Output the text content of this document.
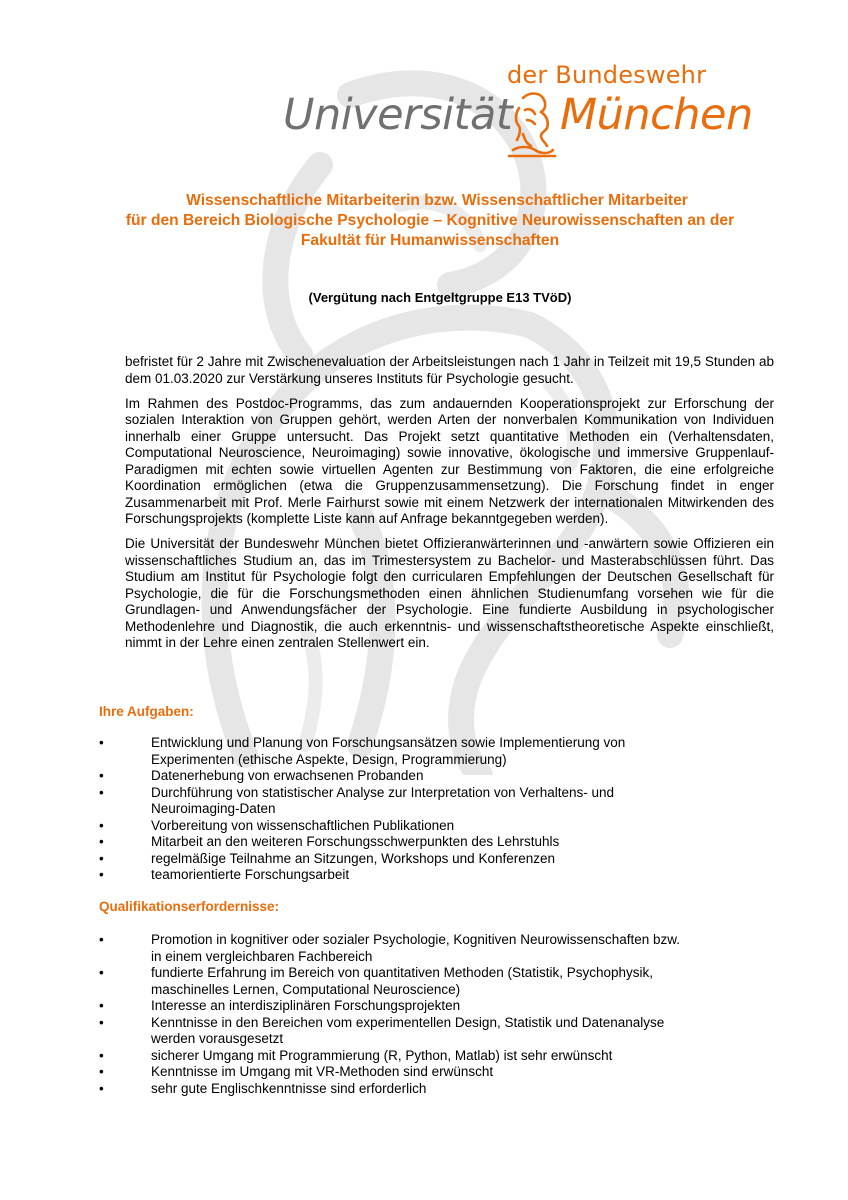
der Bundeswehr
Universität München
Wissenschaftliche Mitarbeiterin bzw. Wissenschaftlicher Mitarbeiter
für den Bereich Biologische Psychologie – Kognitive Neurowissenschaften an der
Fakultät für Humanwissenschaften
(Vergütung nach Entgeltgruppe E13 TVöD)

befristet für 2 Jahre mit Zwischenevaluation der Arbeitsleistungen nach 1 Jahr in Teilzeit mit 19,5 Stunden ab dem 01.03.2020 zur Verstärkung unseres Instituts für Psychologie gesucht.

Im Rahmen des Postdoc-Programms, das zum andauernden Kooperationsprojekt zur Erforschung der sozialen Interaktion von Gruppen gehört, werden Arten der nonverbalen Kommunikation von Individuen innerhalb einer Gruppe untersucht. Das Projekt setzt quantitative Methoden ein (Verhaltensdaten, Computational Neuroscience, Neuroimaging) sowie innovative, ökologische und immersive Gruppenlauf-Paradigmen mit echten sowie virtuellen Agenten zur Bestimmung von Faktoren, die eine erfolgreiche Koordination ermöglichen (etwa die Gruppenzusammensetzung). Die Forschung findet in enger Zusammenarbeit mit Prof. Merle Fairhurst sowie mit einem Netzwerk der internationalen Mitwirkenden des Forschungsprojekts (komplette Liste kann auf Anfrage bekanntgegeben werden).

Die Universität der Bundeswehr München bietet Offizieranwärterinnen und -anwärtern sowie Offizieren ein wissenschaftliches Studium an, das im Trimestersystem zu Bachelor- und Masterabschlüssen führt. Das Studium am Institut für Psychologie folgt den curricularen Empfehlungen der Deutschen Gesellschaft für Psychologie, die für die Forschungsmethoden einen ähnlichen Studienumfang vorsehen wie für die Grundlagen- und Anwendungsfächer der Psychologie. Eine fundierte Ausbildung in psychologischer Methodenlehre und Diagnostik, die auch erkenntnis- und wissenschaftstheoretische Aspekte einschließt, nimmt in der Lehre einen zentralen Stellenwert ein.

Ihre Aufgaben:
•	Entwicklung und Planung von Forschungsansätzen sowie Implementierung von Experimenten (ethische Aspekte, Design, Programmierung)
•	Datenerhebung von erwachsenen Probanden
•	Durchführung von statistischer Analyse zur Interpretation von Verhaltens- und Neuroimaging-Daten
•	Vorbereitung von wissenschaftlichen Publikationen
•	Mitarbeit an den weiteren Forschungsschwerpunkten des Lehrstuhls
•	regelmäßige Teilnahme an Sitzungen, Workshops und Konferenzen
•	teamorientierte Forschungsarbeit
Qualifikationserfordernisse:
•	Promotion in kognitiver oder sozialer Psychologie, Kognitiven Neurowissenschaften bzw. in einem vergleichbaren Fachbereich
•	fundierte Erfahrung im Bereich von quantitativen Methoden (Statistik, Psychophysik, maschinelles Lernen, Computational Neuroscience)
•	Interesse an interdisziplinären Forschungsprojekten
•	Kenntnisse in den Bereichen vom experimentellen Design, Statistik und Datenanalyse werden vorausgesetzt
•	sicherer Umgang mit Programmierung (R, Python, Matlab) ist sehr erwünscht
•	Kenntnisse im Umgang mit VR-Methoden sind erwünscht
•	sehr gute Englischkenntnisse sind erforderlich
